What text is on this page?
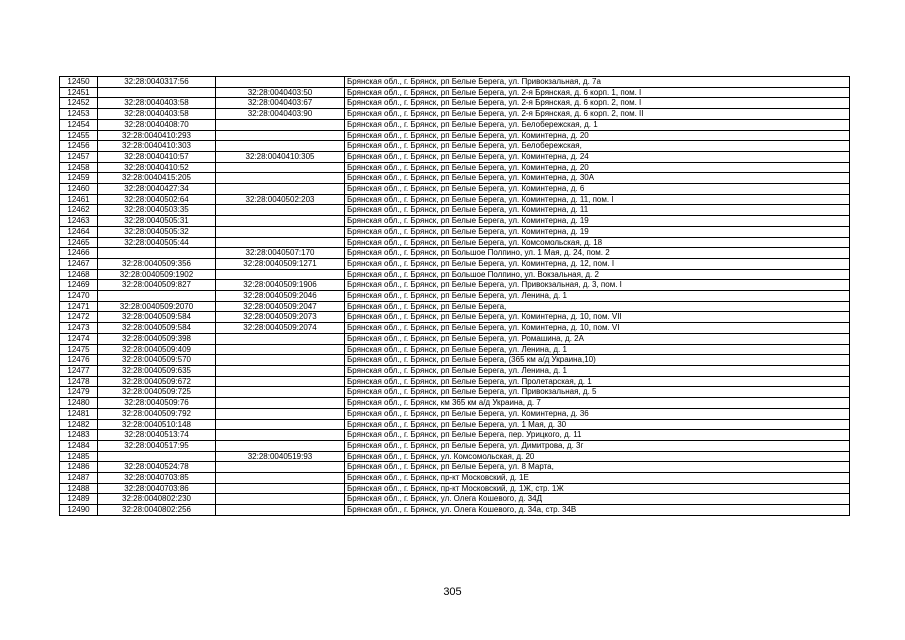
12450	32:28:0040317:56		Брянская обл., г. Брянск, рп Белые Берега, ул. Привокзальная, д. 7а
12451		32:28:0040403:50	Брянская обл., г. Брянск, рп Белые Берега, ул. 2-я Брянская, д. 6 корп. 1, пом. I
12452	32:28:0040403:58	32:28:0040403:67	Брянская обл., г. Брянск, рп Белые Берега, ул. 2-я Брянская, д. 6 корп. 2, пом. I
12453	32:28:0040403:58	32:28:0040403:90	Брянская обл., г. Брянск, рп Белые Берега, ул. 2-я Брянская, д. 6 корп. 2, пом. II
12454	32:28:0040408:70		Брянская обл., г. Брянск, рп Белые Берега, ул. Белобережская, д. 1
12455	32:28:0040410:293		Брянская обл., г. Брянск, рп Белые Берега, ул. Коминтерна, д. 20
12456	32:28:0040410:303		Брянская обл., г. Брянск, рп Белые Берега, ул. Белобережская,
12457	32:28:0040410:57	32:28:0040410:305	Брянская обл., г. Брянск, рп Белые Берега, ул. Коминтерна, д. 24
12458	32:28:0040410:52		Брянская обл., г. Брянск, рп Белые Берега, ул. Коминтерна, д. 20
12459	32:28:0040415:205		Брянская обл., г. Брянск, рп Белые Берега, ул. Коминтерна, д. 30А
12460	32:28:0040427:34		Брянская обл., г. Брянск, рп Белые Берега, ул. Коминтерна, д. 6
12461	32:28:0040502:64	32:28:0040502:203	Брянская обл., г. Брянск, рп Белые Берега, ул. Коминтерна, д. 11, пом. I
12462	32:28:0040503:35		Брянская обл., г. Брянск, рп Белые Берега, ул. Коминтерна, д. 11
12463	32:28:0040505:31		Брянская обл., г. Брянск, рп Белые Берега, ул. Коминтерна, д. 19
12464	32:28:0040505:32		Брянская обл., г. Брянск, рп Белые Берега, ул. Коминтерна, д. 19
12465	32:28:0040505:44		Брянская обл., г. Брянск, рп Белые Берега, ул. Комсомольская, д. 18
12466		32:28:0040507:170	Брянская обл., г. Брянск, рп Большое Полпино, ул. 1 Мая, д. 24, пом. 2
12467	32:28:0040509:356	32:28:0040509:1271	Брянская обл., г. Брянск, рп Белые Берега, ул. Коминтерна, д. 12, пом. I
12468	32:28:0040509:1902		Брянская обл., г. Брянск, рп Большое Полпино, ул. Вокзальная, д. 2
12469	32:28:0040509:827	32:28:0040509:1906	Брянская обл., г. Брянск, рп Белые Берега, ул. Привокзальная, д. 3, пом. I
12470		32:28:0040509:2046	Брянская обл., г. Брянск, рп Белые Берега, ул. Ленина, д. 1
12471	32:28:0040509:2070	32:28:0040509:2047	Брянская обл., г. Брянск, рп Белые Берега,
12472	32:28:0040509:584	32:28:0040509:2073	Брянская обл., г. Брянск, рп Белые Берега, ул. Коминтерна, д. 10, пом. VII
12473	32:28:0040509:584	32:28:0040509:2074	Брянская обл., г. Брянск, рп Белые Берега, ул. Коминтерна, д. 10, пом. VI
12474	32:28:0040509:398		Брянская обл., г. Брянск, рп Белые Берега, ул. Ромашина, д. 2А
12475	32:28:0040509:409		Брянская обл., г. Брянск, рп Белые Берега, ул. Ленина, д. 1
12476	32:28:0040509:570		Брянская обл., г. Брянск, рп Белые Берега, (365 км а/д Украина,10)
12477	32:28:0040509:635		Брянская обл., г. Брянск, рп Белые Берега, ул. Ленина, д. 1
12478	32:28:0040509:672		Брянская обл., г. Брянск, рп Белые Берега, ул. Пролетарская, д. 1
12479	32:28:0040509:725		Брянская обл., г. Брянск, рп Белые Берега, ул. Привокзальная, д. 5
12480	32:28:0040509:76		Брянская обл., г. Брянск, км 365 км а/д Украина, д. 7
12481	32:28:0040509:792		Брянская обл., г. Брянск, рп Белые Берега, ул. Коминтерна, д. 36
12482	32:28:0040510:148		Брянская обл., г. Брянск, рп Белые Берега, ул. 1 Мая, д. 30
12483	32:28:0040513:74		Брянская обл., г. Брянск, рп Белые Берега, пер. Урицкого, д. 11
12484	32:28:0040517:95		Брянская обл., г. Брянск, рп Белые Берега, ул. Димитрова, д. 3г
12485		32:28:0040519:93	Брянская обл., г. Брянск, ул. Комсомольская, д. 20
12486	32:28:0040524:78		Брянская обл., г. Брянск, рп Белые Берега, ул. 8 Марта,
12487	32:28:0040703:85		Брянская обл., г. Брянск, пр-кт Московский, д. 1Е
12488	32:28:0040703:86		Брянская обл., г. Брянск, пр-кт Московский, д. 1Ж, стр. 1Ж
12489	32:28:0040802:230		Брянская обл., г. Брянск, ул. Олега Кошевого, д. 34Д
12490	32:28:0040802:256		Брянская обл., г. Брянск, ул. Олега Кошевого, д. 34а, стр. 34В
305
